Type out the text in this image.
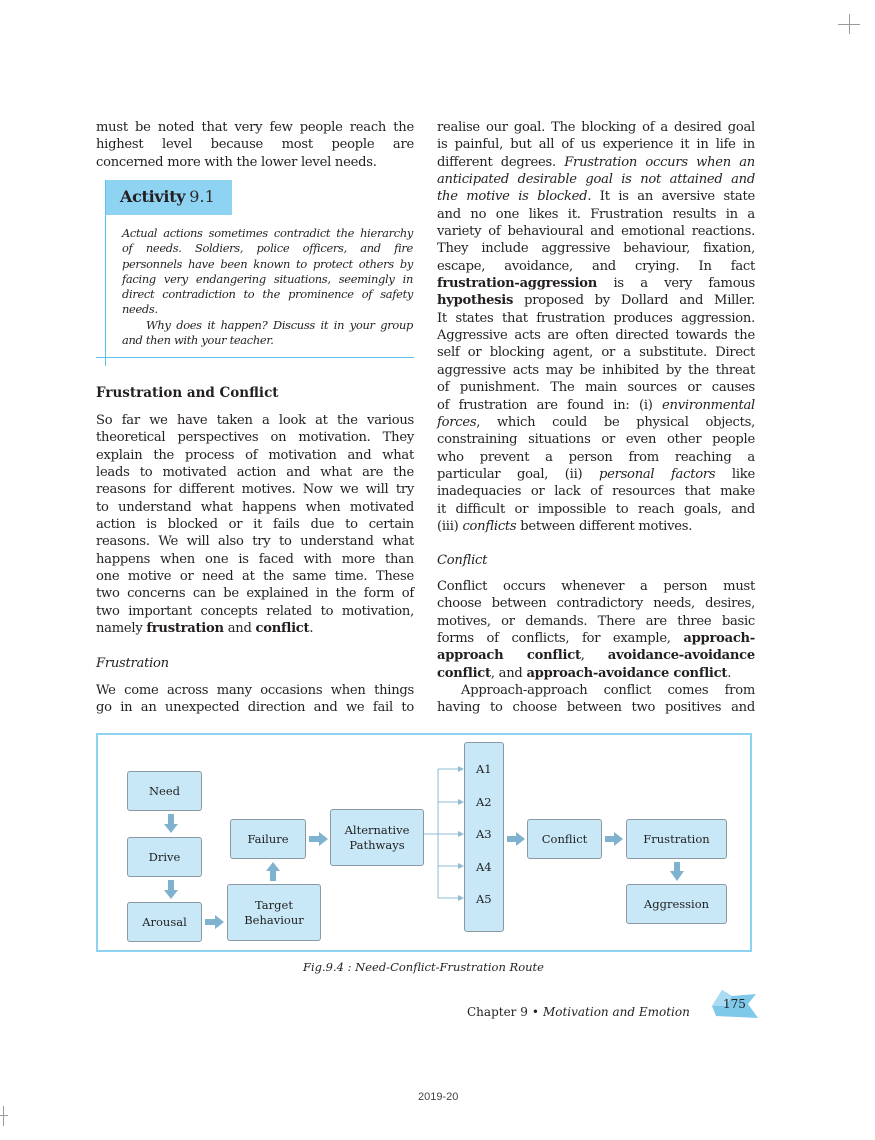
must be noted that very few people reach the
highest level because most people are
concerned more with the lower level needs.
Activity 9.1
Actual actions sometimes contradict the hierarchy
of needs. Soldiers, police officers, and fire
personnels have been known to protect others by
facing very endangering situations, seemingly in
direct contradiction to the prominence of safety
needs.
Why does it happen? Discuss it in your group
and then with your teacher.
Frustration and Conflict
So far we have taken a look at the various
theoretical perspectives on motivation. They
explain the process of motivation and what
leads to motivated action and what are the
reasons for different motives. Now we will try
to understand what happens when motivated
action is blocked or it fails due to certain
reasons. We will also try to understand what
happens when one is faced with more than
one motive or need at the same time. These
two concerns can be explained in the form of
two important concepts related to motivation,
namely frustration and conflict.
Frustration
We come across many occasions when things
go in an unexpected direction and we fail to
realise our goal. The blocking of a desired goal
is painful, but all of us experience it in life in
different degrees. Frustration occurs when an
anticipated desirable goal is not attained and
the motive is blocked. It is an aversive state
and no one likes it. Frustration results in a
variety of behavioural and emotional reactions.
They include aggressive behaviour, fixation,
escape, avoidance, and crying. In fact
frustration-aggression is a very famous
hypothesis proposed by Dollard and Miller.
It states that frustration produces aggression.
Aggressive acts are often directed towards the
self or blocking agent, or a substitute. Direct
aggressive acts may be inhibited by the threat
of punishment. The main sources or causes
of frustration are found in: (i) environmental
forces, which could be physical objects,
constraining situations or even other people
who prevent a person from reaching a
particular goal, (ii) personal factors like
inadequacies or lack of resources that make
it difficult or impossible to reach goals, and
(iii) conflicts between different motives.
Conflict
Conflict occurs whenever a person must
choose between contradictory needs, desires,
motives, or demands. There are three basic
forms of conflicts, for example, approach-
approach conflict, avoidance-avoidance
conflict, and approach-avoidance conflict.
Approach-approach conflict comes from
having to choose between two positives and
Need
Drive
Arousal
Target
Behaviour
Failure
Alternative
Pathways
A1
A2
A3
A4
A5
Conflict	Frustration
Aggression
Fig.9.4 : Need-Conflict-Frustration Route
Chapter 9 • Motivation and Emotion
175
2019-20
